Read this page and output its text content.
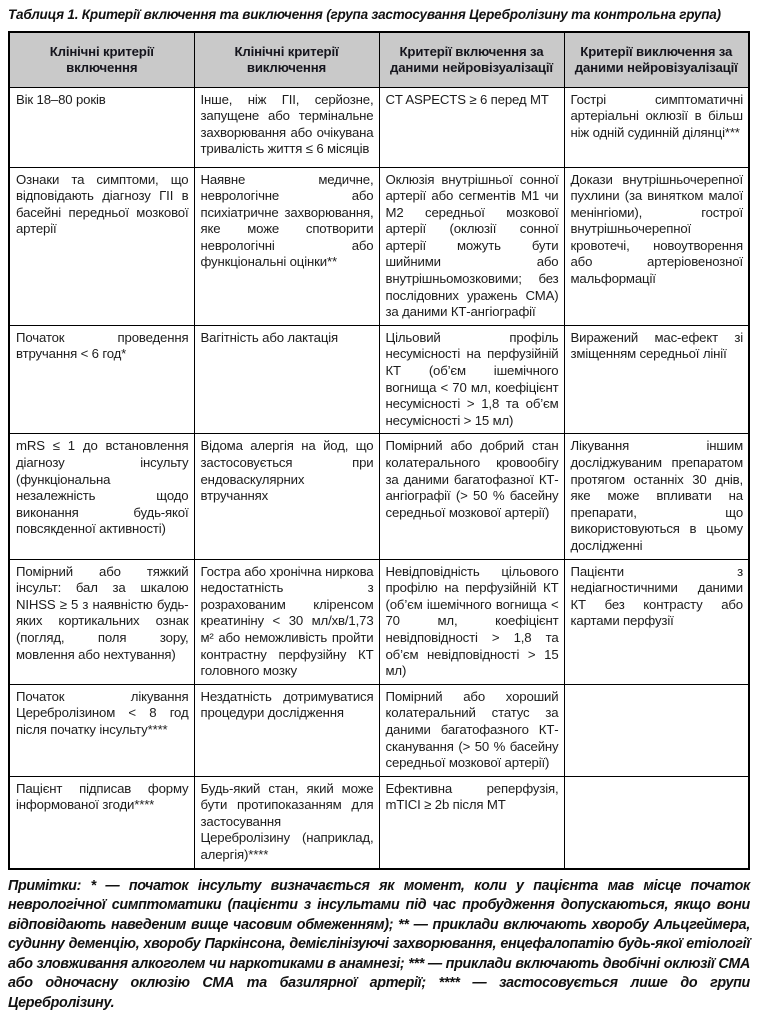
Таблиця 1. Критерії включення та виключення (група застосування Церебролізину та контрольна група)
Клінічні критерії включення	Клінічні критерії виключення	Критерії включення за даними нейровізуалізації	Критерії виключення за даними нейровізуалізації
Вік 18–80 років	Інше, ніж ГІІ, серйозне, запущене або термінальне захворювання або очікувана тривалість життя ≤ 6 місяців	CT ASPECTS ≥ 6 перед МТ	Гострі симптоматичні артеріальні оклюзії в більш ніж одній судинній ділянці***
Ознаки та симптоми, що відповідають діагнозу ГІІ в басейні передньої мозкової артерії	Наявне медичне, неврологічне або психіатричне захворювання, яке може спотворити неврологічні або функціональні оцінки**	Оклюзія внутрішньої сонної артерії або сегментів М1 чи М2 середньої мозкової артерії (оклюзії сонної артерії можуть бути шийними або внутрішньомозковими; без послідовних уражень СМА) за даними КТ-ангіографії	Докази внутрішньочерепної пухлини (за винятком малої менінгіоми), гострої внутрішньочерепної кровотечі, новоутворення або артеріовенозної мальформації
Початок проведення втручання < 6 год*	Вагітність або лактація	Цільовий профіль несумісності на перфузійній КТ (об’єм ішемічного вогнища < 70 мл, коефіцієнт несумісності > 1,8 та об’єм несумісності > 15 мл)	Виражений мас-ефект зі зміщенням середньої лінії
mRS ≤ 1 до встановлення діагнозу інсульту (функціональна незалежність щодо виконання будь-якої повсякденної активності)	Відома алергія на йод, що застосовується при ендоваскулярних втручаннях	Помірний або добрий стан колатерального кровообігу за даними багатофазної КТ-ангіографії (> 50 % басейну середньої мозкової артерії)	Лікування іншим досліджуваним препаратом протягом останніх 30 днів, яке може впливати на препарати, що використовуються в цьому дослідженні
Помірний або тяжкий інсульт: бал за шкалою NIHSS ≥ 5 з наявністю будь-яких кортикальних ознак (погляд, поля зору, мовлення або нехтування)	Гостра або хронічна ниркова недостатність з розрахованим кліренсом креатиніну < 30 мл/хв/1,73 м² або неможливість пройти контрастну перфузійну КТ головного мозку	Невідповідність цільового профілю на перфузійній КТ (об’єм ішемічного вогнища < 70 мл, коефіцієнт невідповідності > 1,8 та об’єм невідповідності > 15 мл)	Пацієнти з недіагностичними даними КТ без контрасту або картами перфузії
Початок лікування Церебролізином < 8 год після початку інсульту****	Нездатність дотримуватися процедури дослідження	Помірний або хороший колатеральний статус за даними багатофазного КТ-сканування (> 50 % басейну середньої мозкової артерії)	
Пацієнт підписав форму інформованої згоди****	Будь-який стан, який може бути протипоказанням для застосування Церебролізину (наприклад, алергія)****	Ефективна реперфузія, mTICI ≥ 2b після МТ	
Примітки: * — початок інсульту визначається як момент, коли у пацієнта мав місце початок неврологічної симптоматики (пацієнти з інсультами під час пробудження допускаються, якщо вони відповідають наведеним вище часовим обмеженням); ** — приклади включають хворобу Альцгеймера, судинну деменцію, хворобу Паркінсона, демієлінізуючі захворювання, енцефалопатію будь-якої етіології або зловживання алкоголем чи наркотиками в анамнезі; *** — приклади включають двобічні оклюзії СМА або одночасну оклюзію СМА та базилярної артерії; **** — застосовується лише до групи Церебролізину.
